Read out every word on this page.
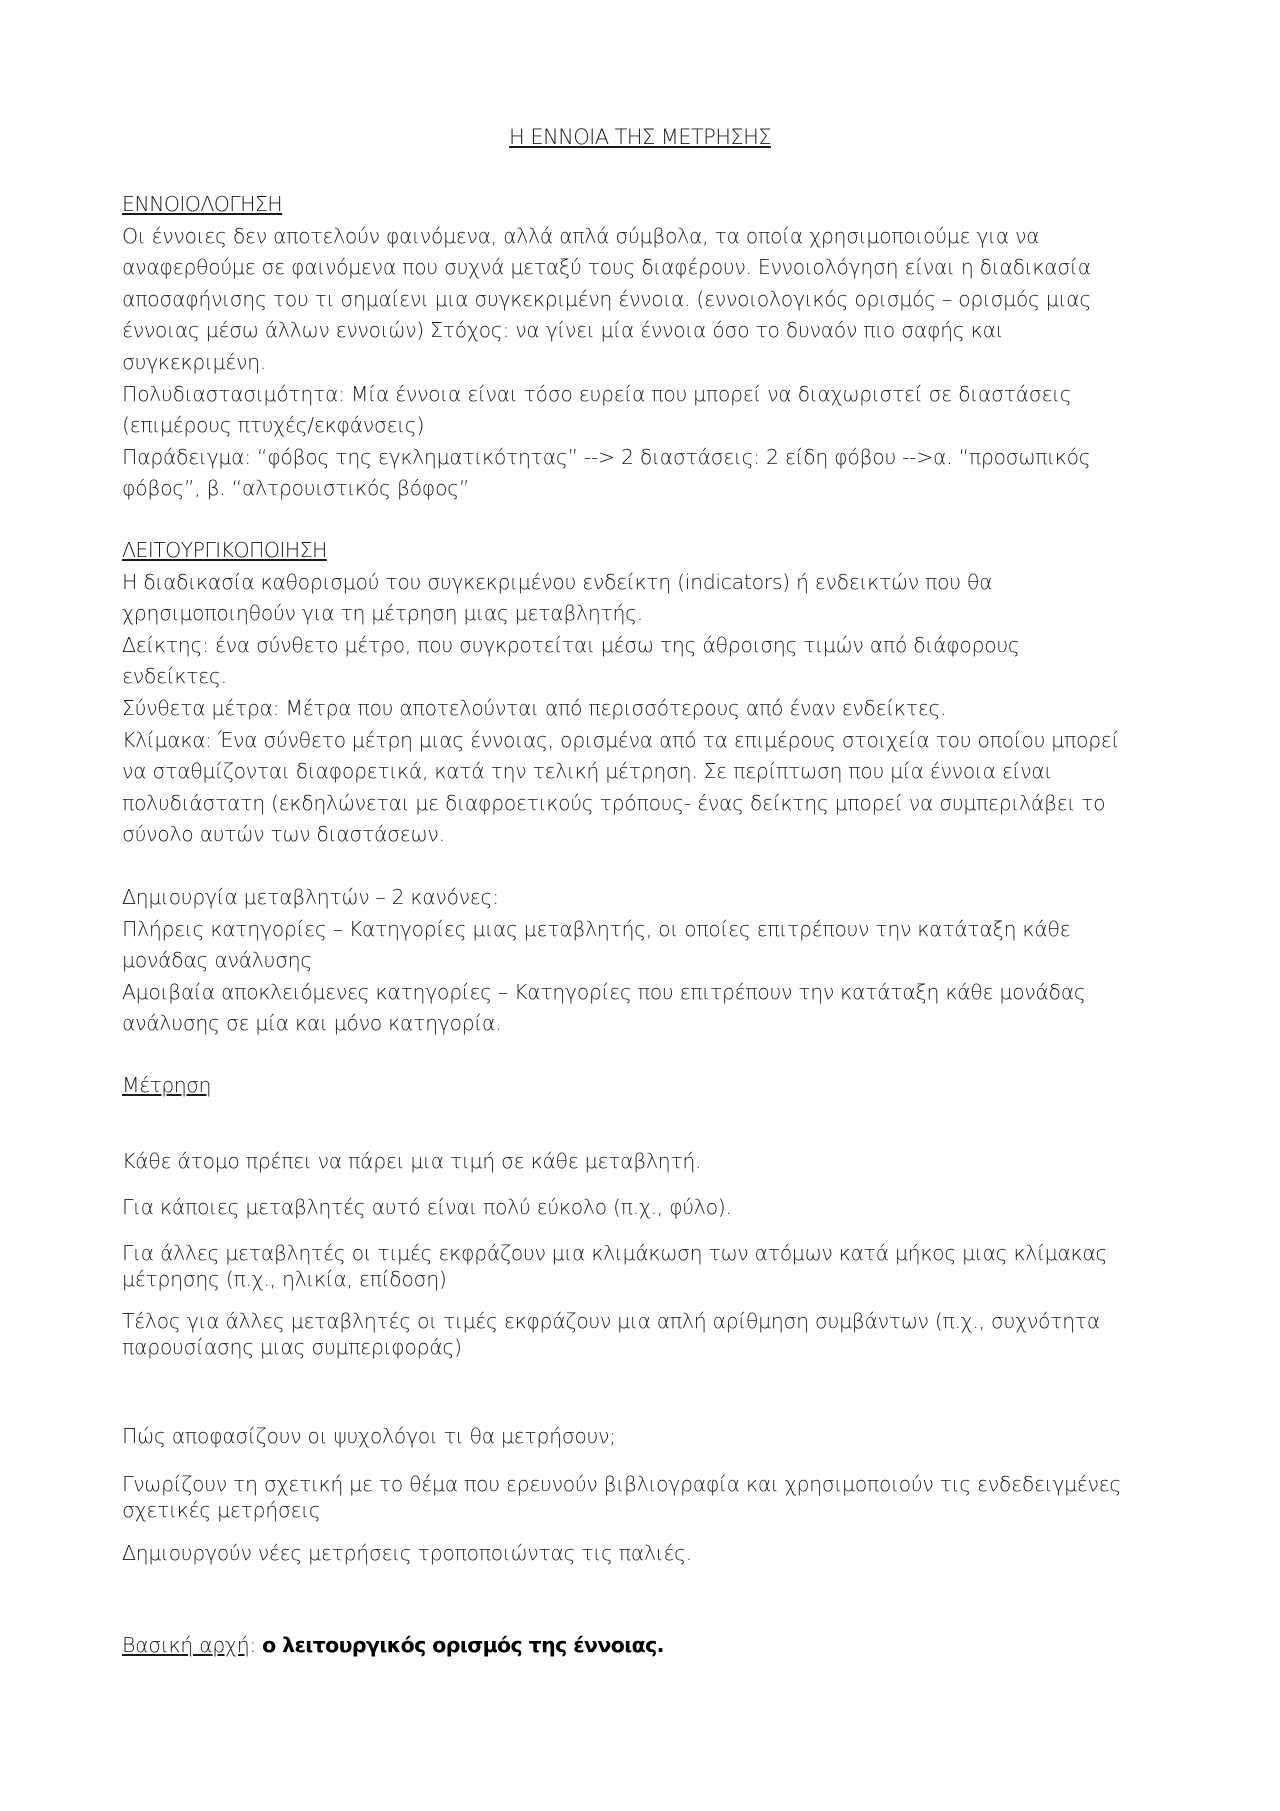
Η ΕΝΝΟΙΑ ΤΗΣ ΜΕΤΡΗΣΗΣ
ΕΝΝΟΙΟΛΟΓΗΣΗ
Οι έννοιες δεν αποτελούν φαινόμενα, αλλά απλά σύμβολα, τα οποία χρησιμοποιούμε για να
αναφερθούμε σε φαινόμενα που συχνά μεταξύ τους διαφέρουν. Εννοιολόγηση είναι η διαδικασία
αποσαφήνισης του τι σημαίενι μια συγκεκριμένη έννοια. (εννοιολογικός ορισμός – ορισμός μιας
έννοιας μέσω άλλων εννοιών) Στόχος: να γίνει μία έννοια όσο το δυναόν πιο σαφής και
συγκεκριμένη.
Πολυδιαστασιμότητα: Μία έννοια είναι τόσο ευρεία που μπορεί να διαχωριστεί σε διαστάσεις
(επιμέρους πτυχές/εκφάνσεις)
Παράδειγμα: “φόβος της εγκληματικότητας” --> 2 διαστάσεις: 2 είδη φόβου -->α. “προσωπικός
φόβος”, β. “αλτρουιστικός βόφος”
ΛΕΙΤΟΥΡΓΙΚΟΠΟΙΗΣΗ
Η διαδικασία καθορισμού του συγκεκριμένου ενδείκτη (indicators) ή ενδεικτών που θα
χρησιμοποιηθούν για τη μέτρηση μιας μεταβλητής.
Δείκτης: ένα σύνθετο μέτρο, που συγκροτείται μέσω της άθροισης τιμών από διάφορους
ενδείκτες.
Σύνθετα μέτρα: Μέτρα που αποτελούνται από περισσότερους από έναν ενδείκτες.
Κλίμακα: Ένα σύνθετο μέτρη μιας έννοιας, ορισμένα από τα επιμέρους στοιχεία του οποίου μπορεί
να σταθμίζονται διαφορετικά, κατά την τελική μέτρηση. Σε περίπτωση που μία έννοια είναι
πολυδιάστατη (εκδηλώνεται με διαφροετικούς τρόπους- ένας δείκτης μπορεί να συμπεριλάβει το
σύνολο αυτών των διαστάσεων.
Δημιουργία μεταβλητών – 2 κανόνες:
Πλήρεις κατηγορίες – Κατηγορίες μιας μεταβλητής, οι οποίες επιτρέπουν την κατάταξη κάθε
μονάδας ανάλυσης
Αμοιβαία αποκλειόμενες κατηγορίες – Κατηγορίες που επιτρέπουν την κατάταξη κάθε μονάδας
ανάλυσης σε μία και μόνο κατηγορία.
Μέτρηση
Κάθε άτομο πρέπει να πάρει μια τιμή σε κάθε μεταβλητή.
Για κάποιες μεταβλητές αυτό είναι πολύ εύκολο (π.χ., φύλο).
Για άλλες μεταβλητές οι τιμές εκφράζουν μια κλιμάκωση των ατόμων κατά μήκος μιας κλίμακας
μέτρησης (π.χ., ηλικία, επίδοση)
Τέλος για άλλες μεταβλητές οι τιμές εκφράζουν μια απλή αρίθμηση συμβάντων (π.χ., συχνότητα
παρουσίασης μιας συμπεριφοράς)
Πώς αποφασίζουν οι ψυχολόγοι τι θα μετρήσουν;
Γνωρίζουν τη σχετική με το θέμα που ερευνούν βιβλιογραφία και χρησιμοποιούν τις ενδεδειγμένες
σχετικές μετρήσεις
Δημιουργούν νέες μετρήσεις τροποποιώντας τις παλιές.
Βασική αρχή: ο λειτουργικός ορισμός της έννοιας.
